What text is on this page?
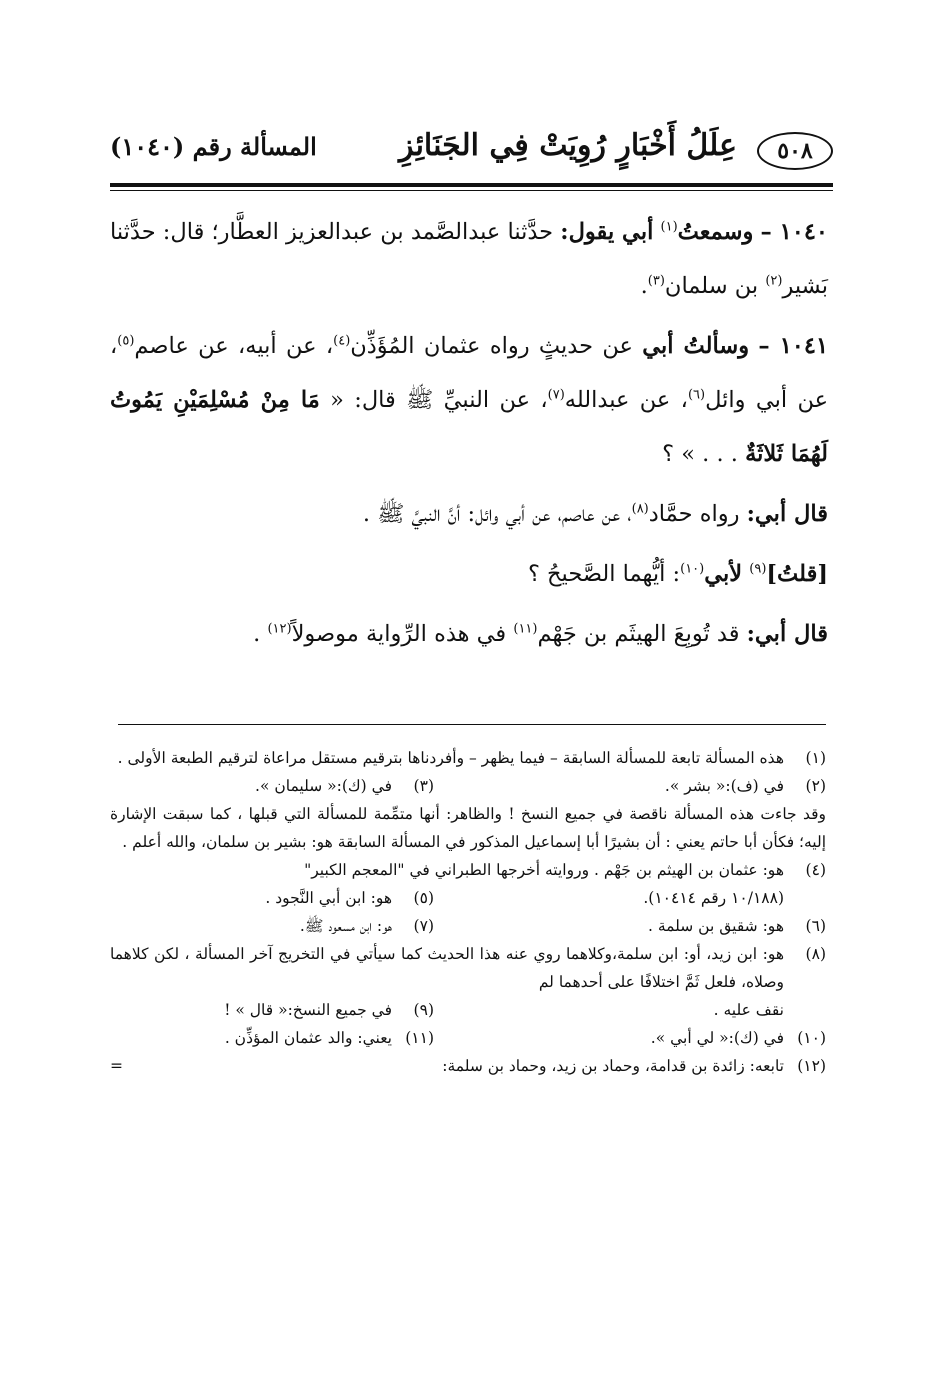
٥٠٨
عِلَلُ أَخْبَارٍ رُوِيَتْ فِي الجَنَائِزِ
المسألة رقم (١٠٤٠)

١٠٤٠ – وسمعتُ$^{(١)}$ أبي يقول: حدَّثنا عبدالصَّمد بن عبدالعزيز العطَّار؛ قال: حدَّثنا بَشير$^{(٢)}$ بن سلمان$^{(٣)}$.

١٠٤١ – وسألتُ أبي عن حديثٍ رواه عثمان المُؤَذِّن$^{(٤)}$، عن أبيه، عن عاصم$^{(٥)}$، عن أبي وائل$^{(٦)}$، عن عبدالله$^{(٧)}$، عن النبيِّ ﷺ قال: « مَا مِنْ مُسْلِمَيْنِ يَمُوتُ لَهُمَا ثَلاثَةٌ . . . » ؟

قال أبي: رواه حمَّاد$^{(٨)}$، عن عاصم، عن أبي وائل: أنَّ النبيَّ ﷺ .

[قلتُ]$^{(٩)}$ لأبي$^{(١٠)}$: أيُّهما الصَّحيحُ ؟

قال أبي: قد تُوبِعَ الهيثَم بن جَهْم$^{(١١)}$ في هذه الرِّواية موصولاً$^{(١٢)}$ .

(١)
هذه المسألة تابعة للمسألة السابقة – فيما يظهر – وأفردناها بترقيم مستقل مراعاة لترقيم الطبعة الأولى .
(٢)
في (ف):« بشر ».
(٣)
في (ك):« سليمان ».
وقد جاءت هذه المسألة ناقصة في جميع النسخ ! والظاهر: أنها متمِّمة للمسألة التي قبلها ، كما سبقت الإشارة إليه؛ فكأن أبا حاتم يعني : أن بشيرًا أبا إسماعيل المذكور في المسألة السابقة هو: بشير بن سلمان، والله أعلم .
(٤)
هو: عثمان بن الهيثم بن جَهْم . وروايته أخرجها الطبراني في "المعجم الكبير"
(١٠/١٨٨ رقم ١٠٤١٤).
(٥)
هو: ابن أبي النَّجود .
(٦)
هو: شقيق بن سلمة .
(٧)
هو: ابن مسعود ﷺ.
(٨)
هو: ابن زيد، أو: ابن سلمة،وكلاهما روي عنه هذا الحديث كما سيأتي في التخريج آخر المسألة ، لكن كلاهما وصلاه، فلعل ثَمَّ اختلافًا على أحدهما لم
نقف عليه .
(٩)
في جميع النسخ:« قال » !
(١٠)
في (ك):« لي أبي ».
(١١)
يعني: والد عثمان المؤذِّن .
(١٢)
تابعه: زائدة بن قدامة، وحماد بن زيد، وحماد بن سلمة:
=
